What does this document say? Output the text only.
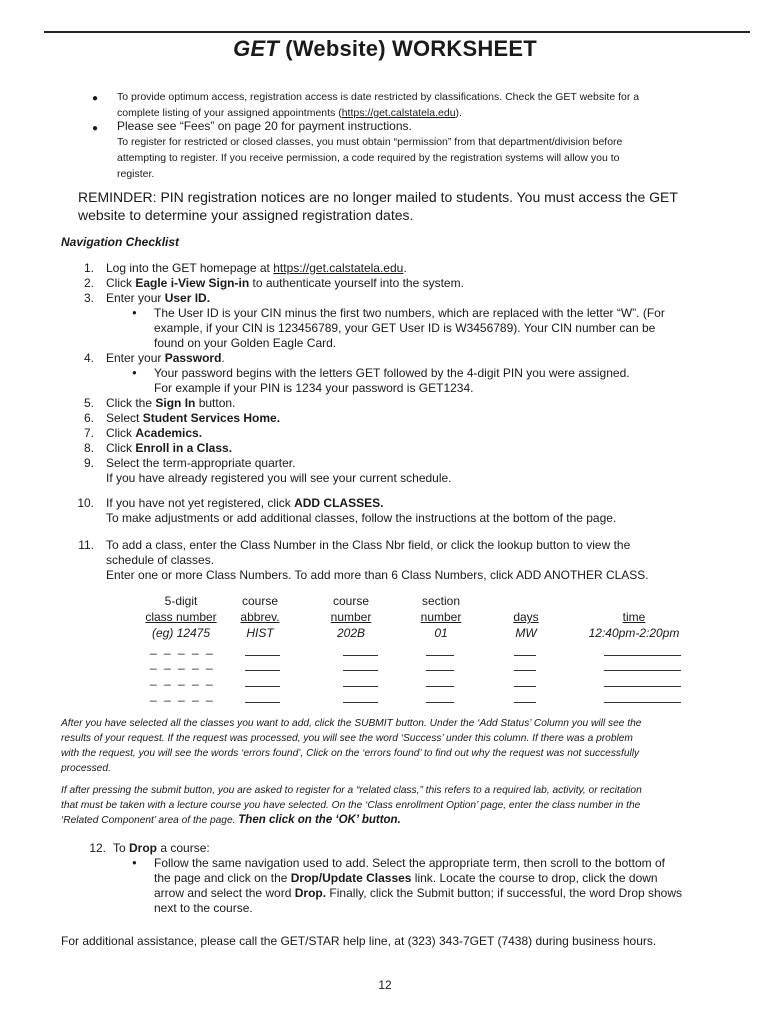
GET (Website) WORKSHEET
● To provide optimum access, registration access is date restricted by classifications. Check the GET website for a
complete listing of your assigned appointments (https://get.calstatela.edu).
● Please see “Fees” on page 20 for payment instructions.
To register for restricted or closed classes, you must obtain “permission” from that department/division before
attempting to register. If you receive permission, a code required by the registration systems will allow you to
register.
REMINDER: PIN registration notices are no longer mailed to students. You must access the GET
website to determine your assigned registration dates.
Navigation Checklist
1. Log into the GET homepage at https://get.calstatela.edu.
2. Click Eagle i-View Sign-in to authenticate yourself into the system.
3. Enter your User ID.
● The User ID is your CIN minus the first two numbers, which are replaced with the letter “W”. (For
example, if your CIN is 123456789, your GET User ID is W3456789). Your CIN number can be
found on your Golden Eagle Card.
4. Enter your Password.
● Your password begins with the letters GET followed by the 4-digit PIN you were assigned.
For example if your PIN is 1234 your password is GET1234.
5. Click the Sign In button.
6. Select Student Services Home.
7. Click Academics.
8. Click Enroll in a Class.
9. Select the term-appropriate quarter.
If you have already registered you will see your current schedule.
10. If you have not yet registered, click ADD CLASSES.
To make adjustments or add additional classes, follow the instructions at the bottom of the page.
11. To add a class, enter the Class Number in the Class Nbr field, or click the lookup button to view the
schedule of classes.
Enter one or more Class Numbers. To add more than 6 Class Numbers, click ADD ANOTHER CLASS.
5-digit	course	course	section
class number	abbrev.	number	number	days	time
(eg) 12475	HIST	202B	01	MW	12:40pm-2:20pm
_ _ _ _ _
_ _ _ _ _
_ _ _ _ _
_ _ _ _ _
After you have selected all the classes you want to add, click the SUBMIT button. Under the ‘Add Status’ Column you will see the
results of your request. If the request was processed, you will see the word ‘Success’ under this column. If there was a problem
with the request, you will see the words ‘errors found’, Click on the ‘errors found’ to find out why the request was not successfully
processed.
If after pressing the submit button, you are asked to register for a “related class,” this refers to a required lab, activity, or recitation
that must be taken with a lecture course you have selected. On the ‘Class enrollment Option’ page, enter the class number in the
‘Related Component’ area of the page. Then click on the ‘OK’ button.
12. To Drop a course:
● Follow the same navigation used to add. Select the appropriate term, then scroll to the bottom of
the page and click on the Drop/Update Classes link. Locate the course to drop, click the down
arrow and select the word Drop. Finally, click the Submit button; if successful, the word Drop shows
next to the course.
For additional assistance, please call the GET/STAR help line, at (323) 343-7GET (7438) during business hours.
12
